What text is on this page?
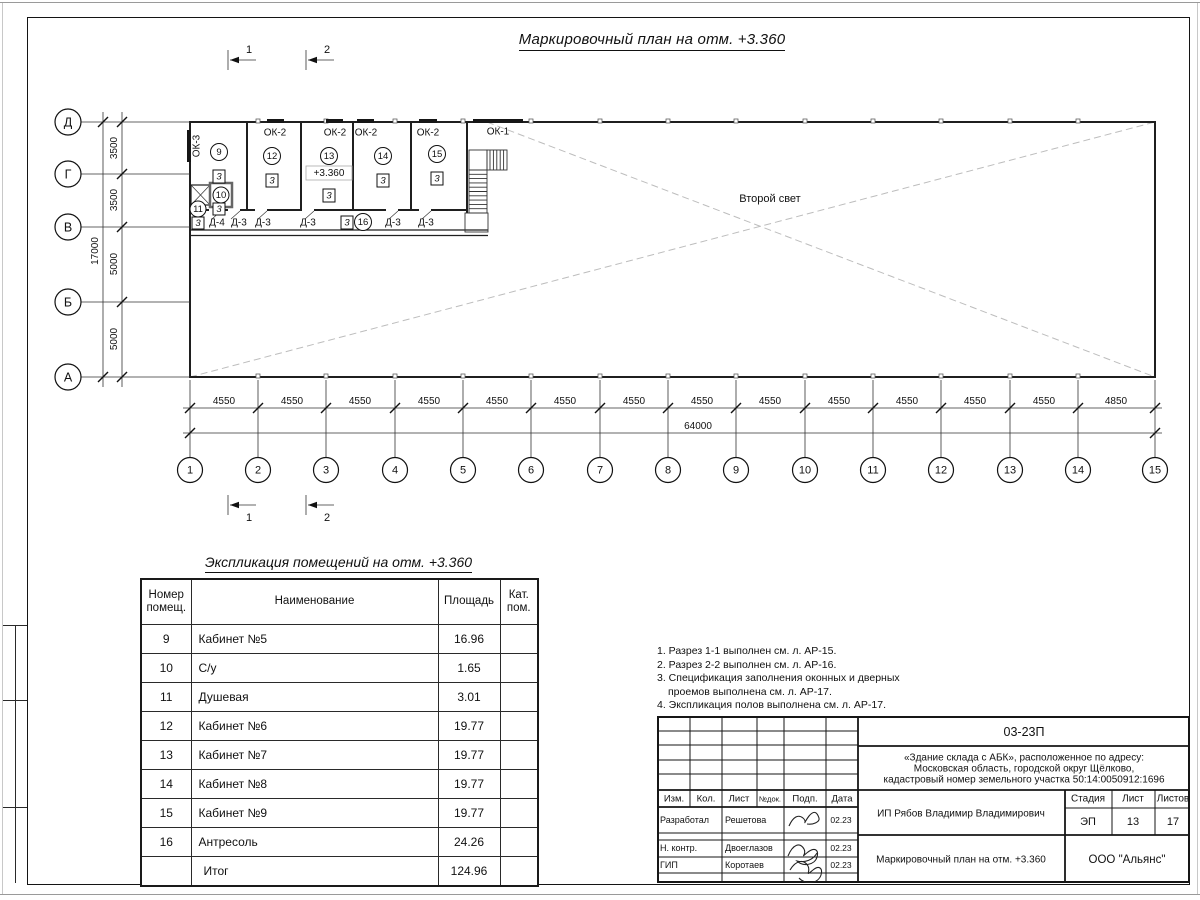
Маркировочный план на отм. +3.360
ОК-2	ОК-2 ОК-2	ОК-2	ОК-1
ОК-3 9
3
12
3
13
+3.360
3
14
3
15
3
10
3
11
3	3 16
Д-4 Д-3 Д-3	Д-3	Д-3 Д-3
Второй свет
Д
Г
В
Б
А
3500
3500
5000
5000
17000
4550	4550	4550	4550	4550	4550	4550	4550	4550	4550	4550	4550	4550	4850
64000
1	2	3	4	5	6	7	8	9	10	11	12	13	14	15
1	2
1	2
Экспликация помещений на отм. +3.360
Номер помещ.	Наименование	Площадь	Кат. пом.
9	Кабинет №5	16.96	
10	С/у	1.65	
11	Душевая	3.01	
12	Кабинет №6	19.77	
13	Кабинет №7	19.77	
14	Кабинет №8	19.77	
15	Кабинет №9	19.77	
16	Антресоль	24.26	
	Итог	124.96	
1. Разрез 1-1 выполнен см. л. АР-15.
2. Разрез 2-2 выполнен см. л. АР-16.
3. Спецификация заполнения оконных и дверных
проемов выполнена см. л. АР-17.
4. Экспликация полов выполнена см. л. АР-17.
03-23П
«Здание склада с АБК», расположенное по адресу:
Московская область, городской округ Щёлково,
кадастровый номер земельного участка 50:14:0050912:1696
Изм. Кол. Лист №док. Подп. Дата
Разработал Решетова	02.23
Н. контр.	Двоеглазов	02.23
ГИП	Коротаев	02.23
ИП Рябов Владимир Владимирович
Маркировочный план на отм. +3.360
Стадия Лист Листов
ЭП	13	17
ООО "Альянс"
